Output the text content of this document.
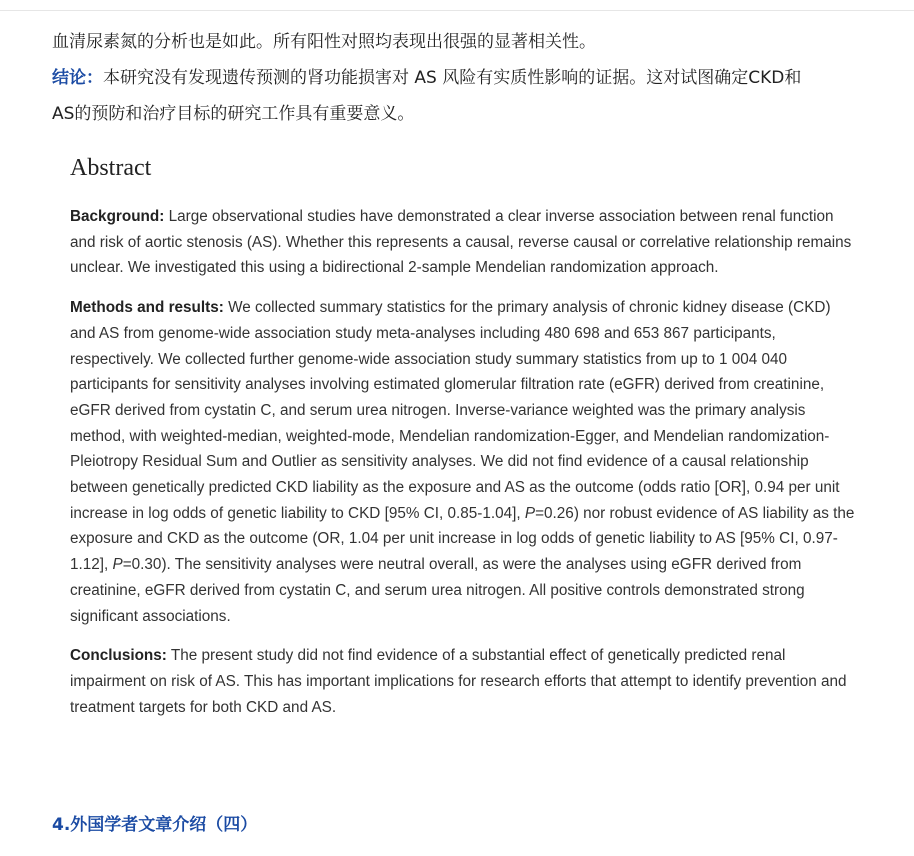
血清尿素氮的分析也是如此。所有阳性对照均表现出很强的显著相关性。

结论：本研究没有发现遗传预测的肾功能损害对 AS 风险有实质性影响的证据。这对试图确定CKD和

AS的预防和治疗目标的研究工作具有重要意义。

Abstract

Background: Large observational studies have demonstrated a clear inverse association between renal function and risk of aortic stenosis (AS). Whether this represents a causal, reverse causal or correlative relationship remains unclear. We investigated this using a bidirectional 2-sample Mendelian randomization approach.

Methods and results: We collected summary statistics for the primary analysis of chronic kidney disease (CKD) and AS from genome-wide association study meta-analyses including 480 698 and 653 867 participants, respectively. We collected further genome-wide association study summary statistics from up to 1 004 040 participants for sensitivity analyses involving estimated glomerular filtration rate (eGFR) derived from creatinine, eGFR derived from cystatin C, and serum urea nitrogen. Inverse-variance weighted was the primary analysis method, with weighted-median, weighted-mode, Mendelian randomization-Egger, and Mendelian randomization-Pleiotropy Residual Sum and Outlier as sensitivity analyses. We did not find evidence of a causal relationship between genetically predicted CKD liability as the exposure and AS as the outcome (odds ratio [OR], 0.94 per unit increase in log odds of genetic liability to CKD [95% CI, 0.85-1.04], P=0.26) nor robust evidence of AS liability as the exposure and CKD as the outcome (OR, 1.04 per unit increase in log odds of genetic liability to AS [95% CI, 0.97-1.12], P=0.30). The sensitivity analyses were neutral overall, as were the analyses using eGFR derived from creatinine, eGFR derived from cystatin C, and serum urea nitrogen. All positive controls demonstrated strong significant associations.

Conclusions: The present study did not find evidence of a substantial effect of genetically predicted renal impairment on risk of AS. This has important implications for research efforts that attempt to identify prevention and treatment targets for both CKD and AS.

4.外国学者文章介绍（四）
